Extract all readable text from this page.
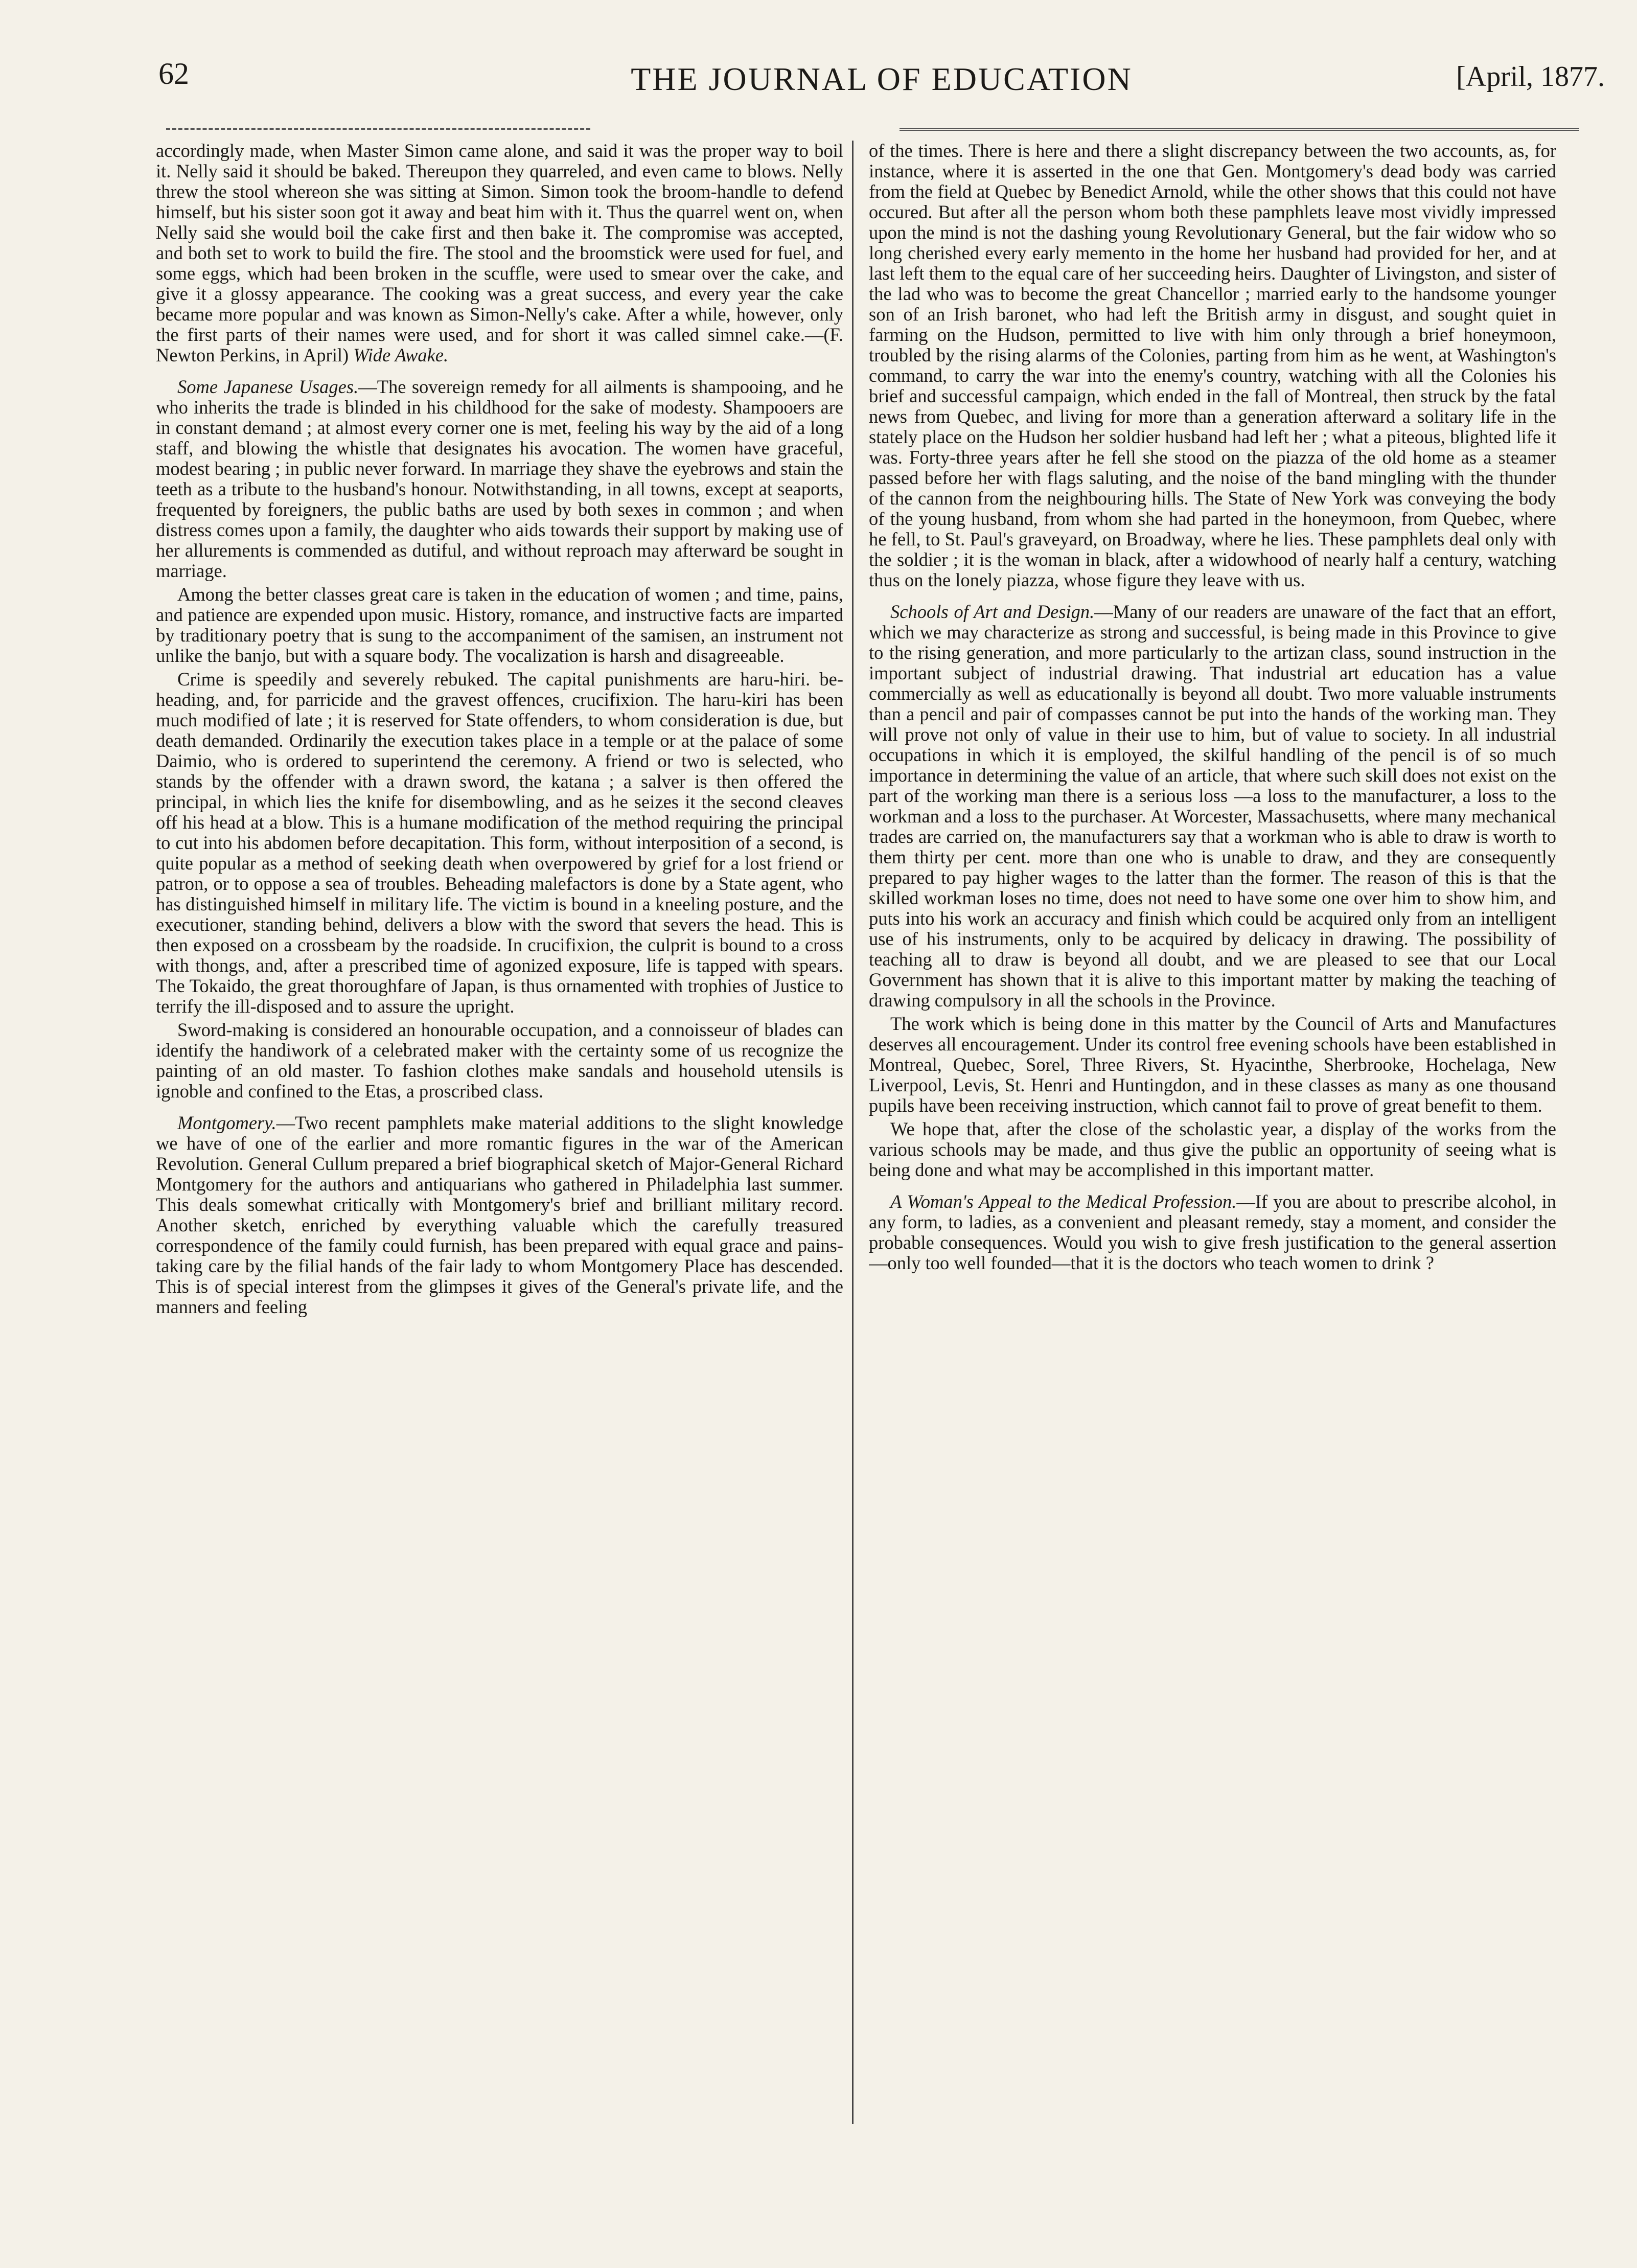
62	THE JOURNAL OF EDUCATION	[April, 1877.

accordingly made, when Master Simon came alone, and said it was the proper way to boil it. Nelly said it should be baked. Thereupon they quarreled, and even came to blows. Nelly threw the stool whereon she was sitting at Simon. Simon took the broom-handle to defend himself, but his sister soon got it away and beat him with it. Thus the quarrel went on, when Nelly said she would boil the cake first and then bake it. The compromise was accepted, and both set to work to build the fire. The stool and the broomstick were used for fuel, and some eggs, which had been broken in the scuffle, were used to smear over the cake, and give it a glossy appearance. The cooking was a great success, and every year the cake became more popular and was known as Simon-Nelly's cake. After a while, however, only the first parts of their names were used, and for short it was called simnel cake.—(F. Newton Perkins, in April) Wide Awake.

Some Japanese Usages.—The sovereign remedy for all ailments is shampooing, and he who inherits the trade is blinded in his childhood for the sake of modesty. Shampooers are in constant demand ; at almost every corner one is met, feeling his way by the aid of a long staff, and blowing the whistle that designates his avocation. The women have graceful, modest bearing ; in public never forward. In marriage they shave the eyebrows and stain the teeth as a tribute to the husband's honour. Notwithstanding, in all towns, except at seaports, frequented by foreigners, the public baths are used by both sexes in common ; and when distress comes upon a family, the daughter who aids towards their support by making use of her allurements is commended as dutiful, and without reproach may afterward be sought in marriage.

Among the better classes great care is taken in the education of women ; and time, pains, and patience are expended upon music. History, romance, and instructive facts are imparted by traditionary poetry that is sung to the accompaniment of the samisen, an instrument not unlike the banjo, but with a square body. The vocalization is harsh and disagreeable.

Crime is speedily and severely rebuked. The capital punishments are haru-hiri. be-heading, and, for parricide and the gravest offences, crucifixion. The haru-kiri has been much modified of late ; it is reserved for State offenders, to whom consideration is due, but death demanded. Ordinarily the execution takes place in a temple or at the palace of some Daimio, who is ordered to superintend the ceremony. A friend or two is selected, who stands by the offender with a drawn sword, the katana ; a salver is then offered the principal, in which lies the knife for disembowling, and as he seizes it the second cleaves off his head at a blow. This is a humane modification of the method requiring the principal to cut into his abdomen before decapitation. This form, without interposition of a second, is quite popular as a method of seeking death when overpowered by grief for a lost friend or patron, or to oppose a sea of troubles. Beheading malefactors is done by a State agent, who has distinguished himself in military life. The victim is bound in a kneeling posture, and the executioner, standing behind, delivers a blow with the sword that severs the head. This is then exposed on a crossbeam by the roadside. In crucifixion, the culprit is bound to a cross with thongs, and, after a prescribed time of agonized exposure, life is tapped with spears. The Tokaido, the great thoroughfare of Japan, is thus ornamented with trophies of Justice to terrify the ill-disposed and to assure the upright.

Sword-making is considered an honourable occupation, and a connoisseur of blades can identify the handiwork of a celebrated maker with the certainty some of us recognize the painting of an old master. To fashion clothes make sandals and household utensils is ignoble and confined to the Etas, a proscribed class.

Montgomery.—Two recent pamphlets make material additions to the slight knowledge we have of one of the earlier and more romantic figures in the war of the American Revolution. General Cullum prepared a brief biographical sketch of Major-General Richard Montgomery for the authors and antiquarians who gathered in Philadelphia last summer. This deals somewhat critically with Montgomery's brief and brilliant military record. Another sketch, enriched by everything valuable which the carefully treasured correspondence of the family could furnish, has been prepared with equal grace and pains-taking care by the filial hands of the fair lady to whom Montgomery Place has descended. This is of special interest from the glimpses it gives of the General's private life, and the manners and feeling

of the times. There is here and there a slight discrepancy between the two accounts, as, for instance, where it is asserted in the one that Gen. Montgomery's dead body was carried from the field at Quebec by Benedict Arnold, while the other shows that this could not have occured. But after all the person whom both these pamphlets leave most vividly impressed upon the mind is not the dashing young Revolutionary General, but the fair widow who so long cherished every early memento in the home her husband had provided for her, and at last left them to the equal care of her succeeding heirs. Daughter of Livingston, and sister of the lad who was to become the great Chancellor ; married early to the handsome younger son of an Irish baronet, who had left the British army in disgust, and sought quiet in farming on the Hudson, permitted to live with him only through a brief honeymoon, troubled by the rising alarms of the Colonies, parting from him as he went, at Washington's command, to carry the war into the enemy's country, watching with all the Colonies his brief and successful campaign, which ended in the fall of Montreal, then struck by the fatal news from Quebec, and living for more than a generation afterward a solitary life in the stately place on the Hudson her soldier husband had left her ; what a piteous, blighted life it was. Forty-three years after he fell she stood on the piazza of the old home as a steamer passed before her with flags saluting, and the noise of the band mingling with the thunder of the cannon from the neighbouring hills. The State of New York was conveying the body of the young husband, from whom she had parted in the honeymoon, from Quebec, where he fell, to St. Paul's graveyard, on Broadway, where he lies. These pamphlets deal only with the soldier ; it is the woman in black, after a widowhood of nearly half a century, watching thus on the lonely piazza, whose figure they leave with us.

Schools of Art and Design.—Many of our readers are unaware of the fact that an effort, which we may characterize as strong and successful, is being made in this Province to give to the rising generation, and more particularly to the artizan class, sound instruction in the important subject of industrial drawing. That industrial art education has a value commercially as well as educationally is beyond all doubt. Two more valuable instruments than a pencil and pair of compasses cannot be put into the hands of the working man. They will prove not only of value in their use to him, but of value to society. In all industrial occupations in which it is employed, the skilful handling of the pencil is of so much importance in determining the value of an article, that where such skill does not exist on the part of the working man there is a serious loss —a loss to the manufacturer, a loss to the workman and a loss to the purchaser. At Worcester, Massachusetts, where many mechanical trades are carried on, the manufacturers say that a workman who is able to draw is worth to them thirty per cent. more than one who is unable to draw, and they are consequently prepared to pay higher wages to the latter than the former. The reason of this is that the skilled workman loses no time, does not need to have some one over him to show him, and puts into his work an accuracy and finish which could be acquired only from an intelligent use of his instruments, only to be acquired by delicacy in drawing. The possibility of teaching all to draw is beyond all doubt, and we are pleased to see that our Local Government has shown that it is alive to this important matter by making the teaching of drawing compulsory in all the schools in the Province.

The work which is being done in this matter by the Council of Arts and Manufactures deserves all encouragement. Under its control free evening schools have been established in Montreal, Quebec, Sorel, Three Rivers, St. Hyacinthe, Sherbrooke, Hochelaga, New Liverpool, Levis, St. Henri and Huntingdon, and in these classes as many as one thousand pupils have been receiving instruction, which cannot fail to prove of great benefit to them.

We hope that, after the close of the scholastic year, a display of the works from the various schools may be made, and thus give the public an opportunity of seeing what is being done and what may be accomplished in this important matter.

A Woman's Appeal to the Medical Profession.—If you are about to prescribe alcohol, in any form, to ladies, as a convenient and pleasant remedy, stay a moment, and consider the probable consequences. Would you wish to give fresh justification to the general assertion—only too well founded—that it is the doctors who teach women to drink ?
